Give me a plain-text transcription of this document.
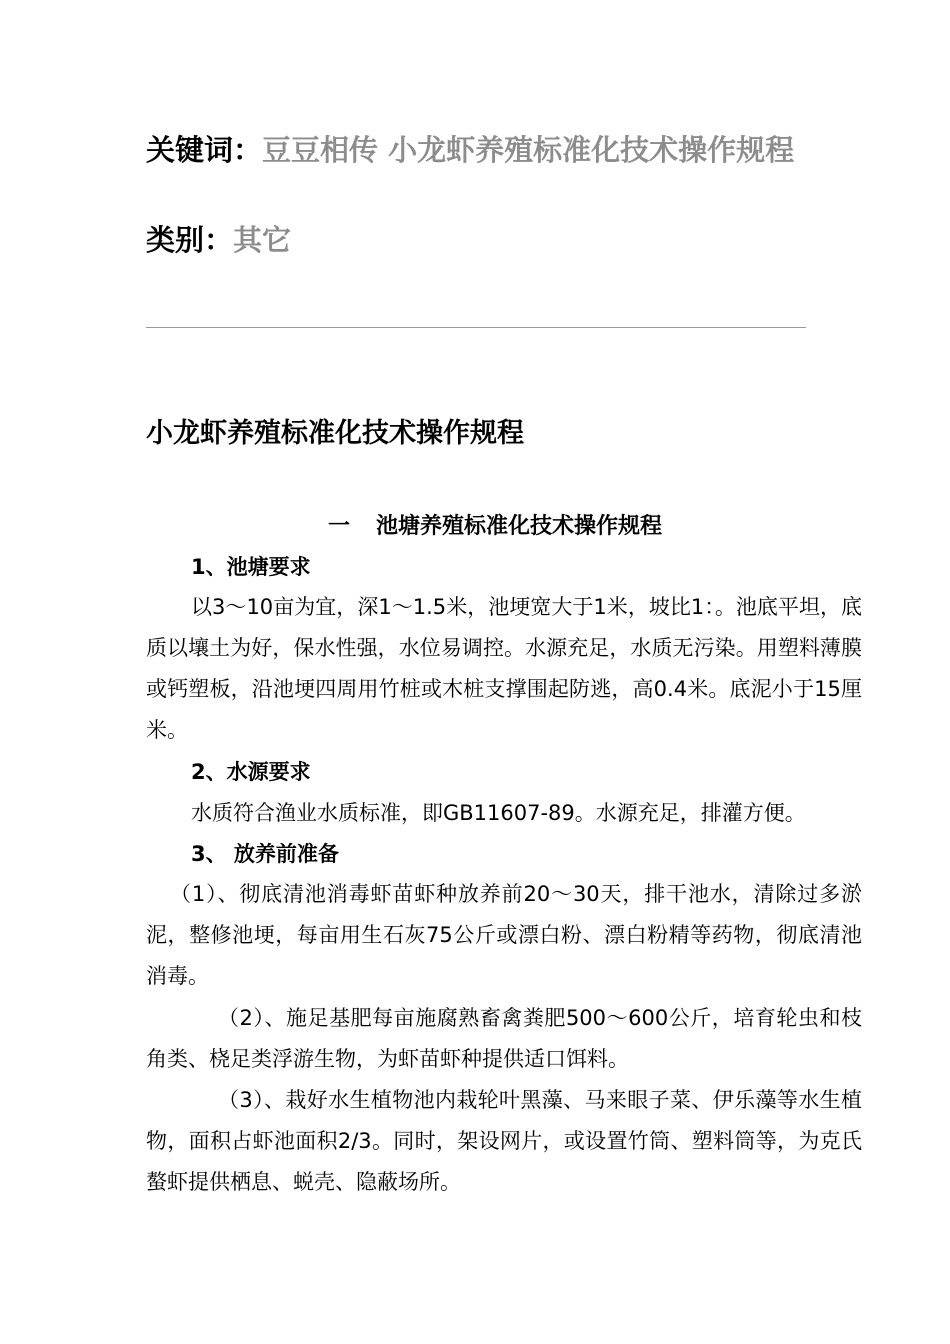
关键词：豆豆相传 小龙虾养殖标准化技术操作规程
类别：其它
小龙虾养殖标准化技术操作规程
一 池塘养殖标准化技术操作规程
1、池塘要求
以3～10亩为宜，深1～1.5米，池埂宽大于1米，坡比1：。池底平坦，底质以壤土为好，保水性强，水位易调控。水源充足，水质无污染。用塑料薄膜或钙塑板，沿池埂四周用竹桩或木桩支撑围起防逃，高0.4米。底泥小于15厘米。
2、水源要求
水质符合渔业水质标准，即GB11607-89。水源充足，排灌方便。
3、 放养前准备
（1）、彻底清池消毒虾苗虾种放养前20～30天，排干池水，清除过多淤泥，整修池埂，每亩用生石灰75公斤或漂白粉、漂白粉精等药物，彻底清池消毒。
（2）、施足基肥每亩施腐熟畜禽粪肥500～600公斤，培育轮虫和枝角类、桡足类浮游生物，为虾苗虾种提供适口饵料。
（3）、栽好水生植物池内栽轮叶黑藻、马来眼子菜、伊乐藻等水生植物，面积占虾池面积2/3。同时，架设网片，或设置竹筒、塑料筒等，为克氏螯虾提供栖息、蜕壳、隐蔽场所。
